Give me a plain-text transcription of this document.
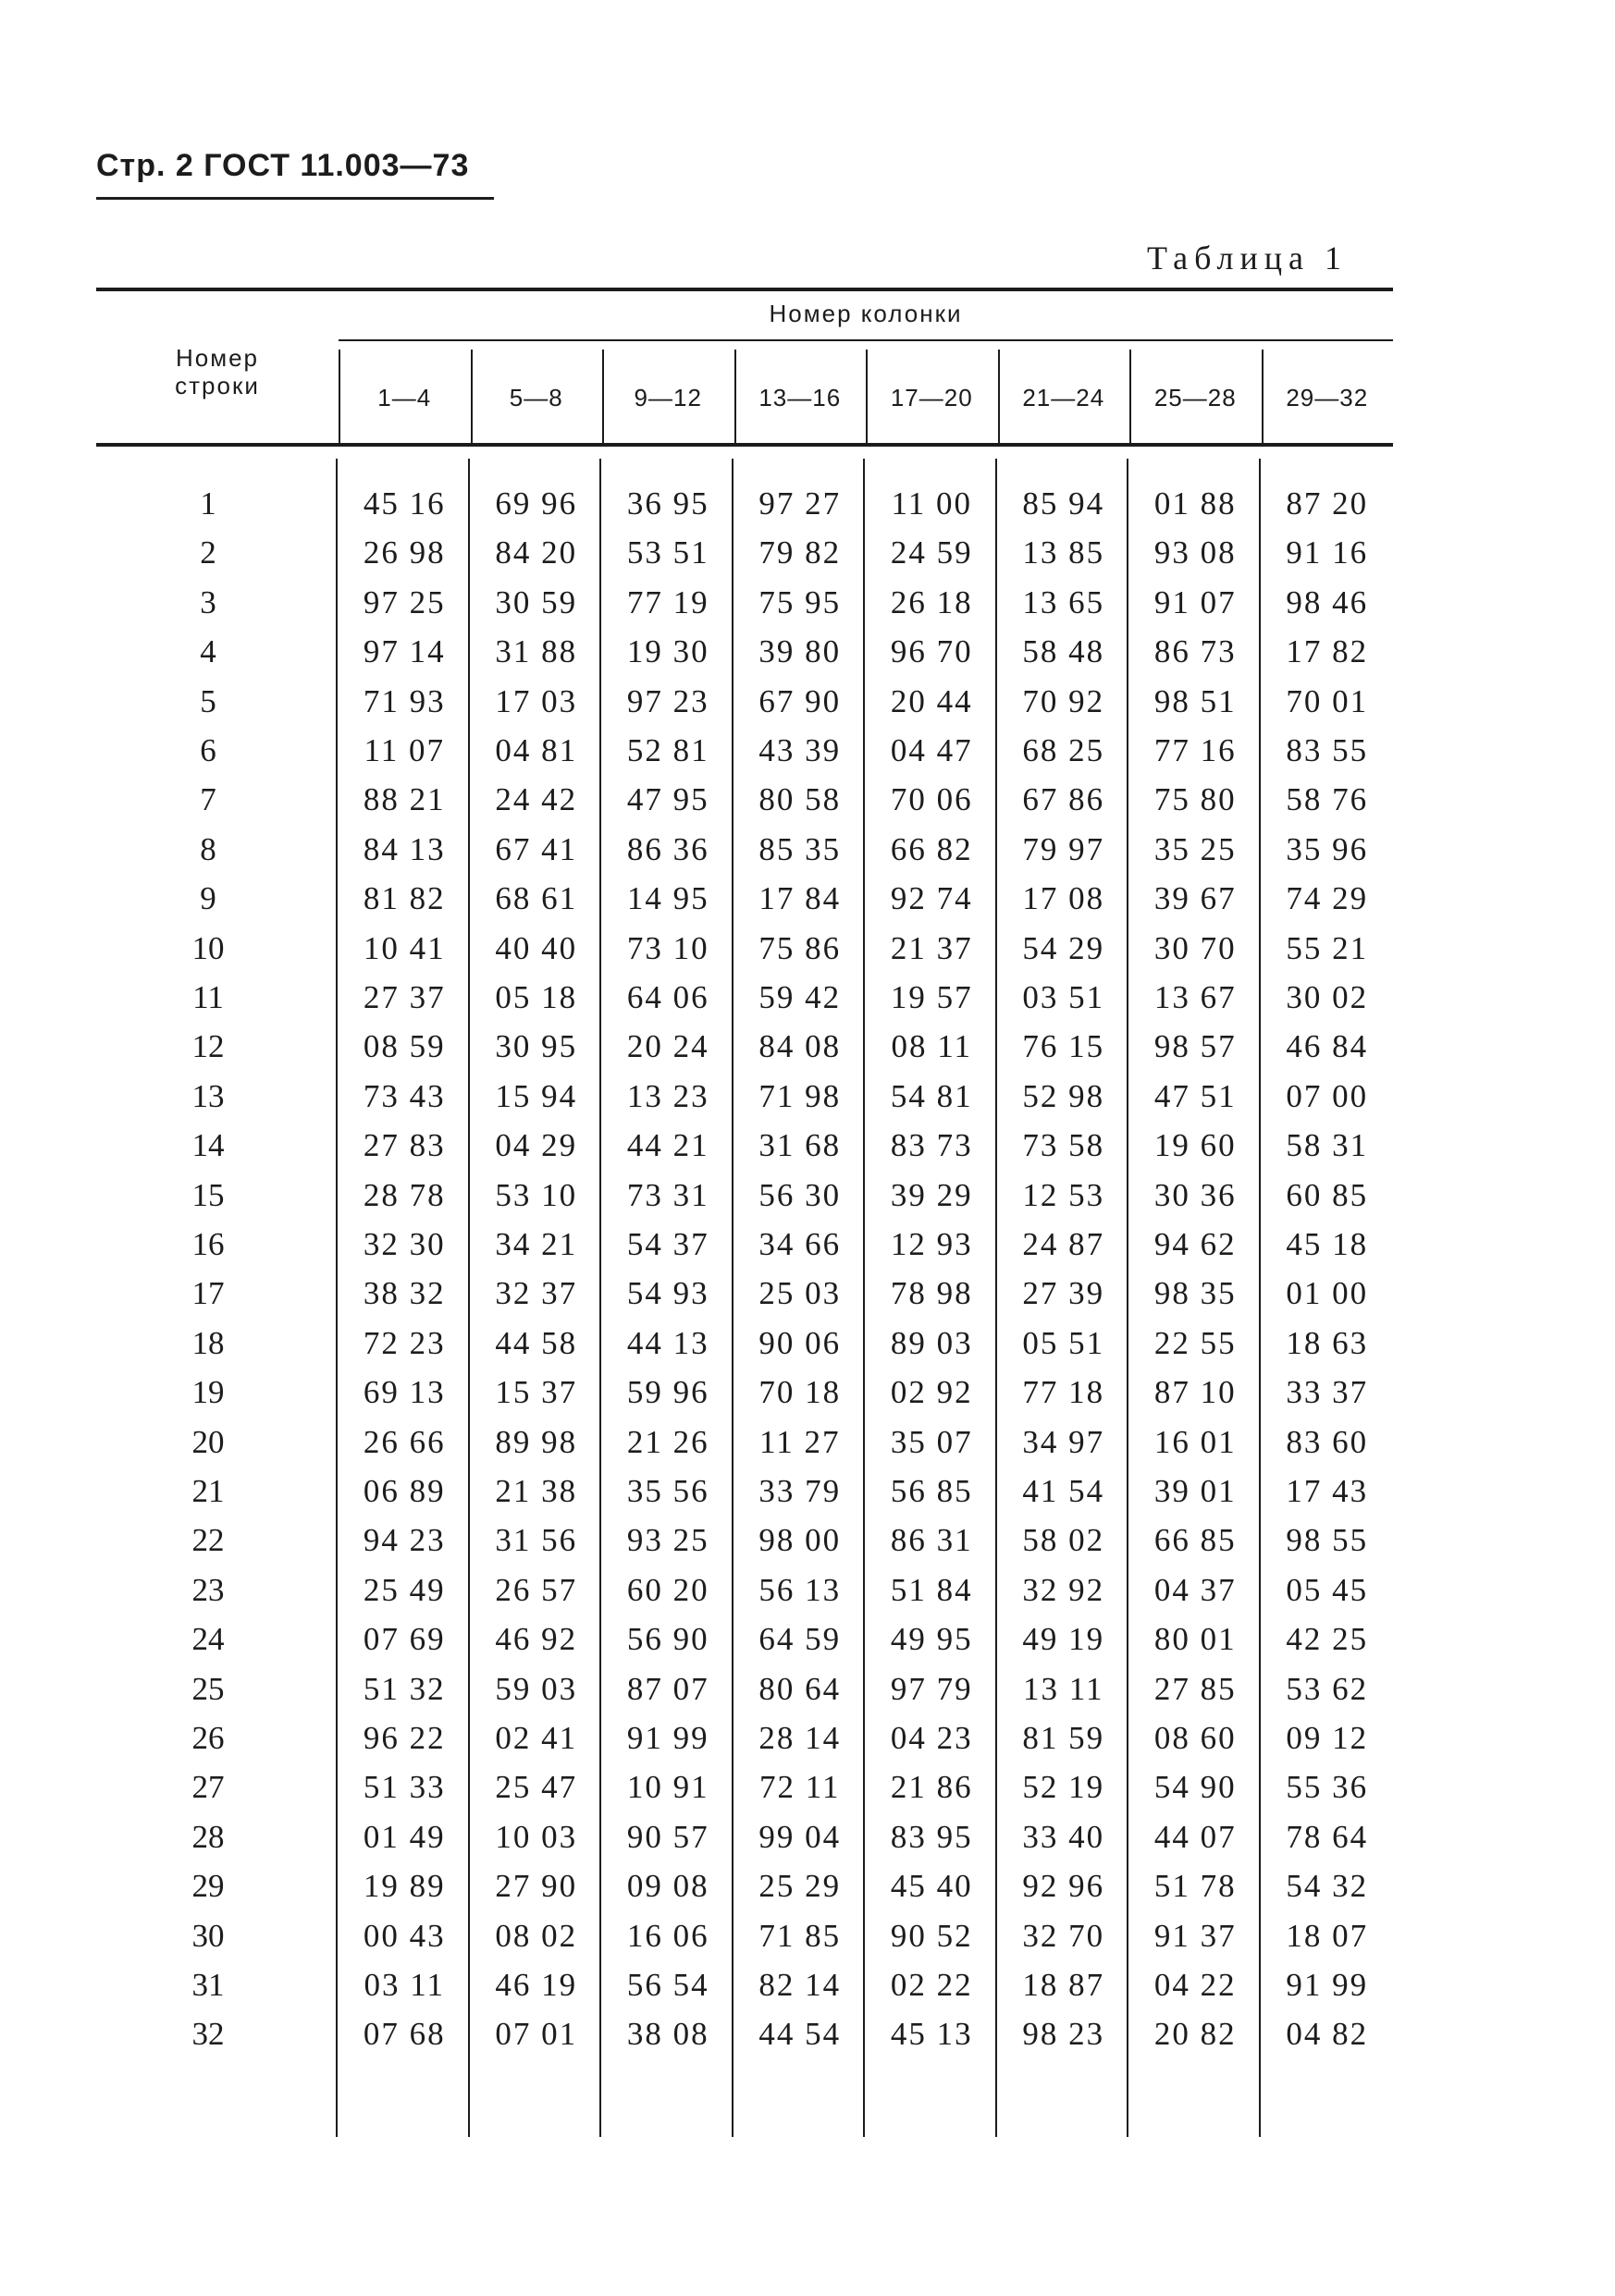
Стр. 2 ГОСТ 11.003—73
Таблица 1
Номер строки
Номер колонки
1—4	5—8	9—12	13—16	17—20	21—24	25—28	29—32
1	45 16	69 96	36 95	97 27	11 00	85 94	01 88	87 20
2	26 98	84 20	53 51	79 82	24 59	13 85	93 08	91 16
3	97 25	30 59	77 19	75 95	26 18	13 65	91 07	98 46
4	97 14	31 88	19 30	39 80	96 70	58 48	86 73	17 82
5	71 93	17 03	97 23	67 90	20 44	70 92	98 51	70 01
6	11 07	04 81	52 81	43 39	04 47	68 25	77 16	83 55
7	88 21	24 42	47 95	80 58	70 06	67 86	75 80	58 76
8	84 13	67 41	86 36	85 35	66 82	79 97	35 25	35 96
9	81 82	68 61	14 95	17 84	92 74	17 08	39 67	74 29
10	10 41	40 40	73 10	75 86	21 37	54 29	30 70	55 21
11	27 37	05 18	64 06	59 42	19 57	03 51	13 67	30 02
12	08 59	30 95	20 24	84 08	08 11	76 15	98 57	46 84
13	73 43	15 94	13 23	71 98	54 81	52 98	47 51	07 00
14	27 83	04 29	44 21	31 68	83 73	73 58	19 60	58 31
15	28 78	53 10	73 31	56 30	39 29	12 53	30 36	60 85
16	32 30	34 21	54 37	34 66	12 93	24 87	94 62	45 18
17	38 32	32 37	54 93	25 03	78 98	27 39	98 35	01 00
18	72 23	44 58	44 13	90 06	89 03	05 51	22 55	18 63
19	69 13	15 37	59 96	70 18	02 92	77 18	87 10	33 37
20	26 66	89 98	21 26	11 27	35 07	34 97	16 01	83 60
21	06 89	21 38	35 56	33 79	56 85	41 54	39 01	17 43
22	94 23	31 56	93 25	98 00	86 31	58 02	66 85	98 55
23	25 49	26 57	60 20	56 13	51 84	32 92	04 37	05 45
24	07 69	46 92	56 90	64 59	49 95	49 19	80 01	42 25
25	51 32	59 03	87 07	80 64	97 79	13 11	27 85	53 62
26	96 22	02 41	91 99	28 14	04 23	81 59	08 60	09 12
27	51 33	25 47	10 91	72 11	21 86	52 19	54 90	55 36
28	01 49	10 03	90 57	99 04	83 95	33 40	44 07	78 64
29	19 89	27 90	09 08	25 29	45 40	92 96	51 78	54 32
30	00 43	08 02	16 06	71 85	90 52	32 70	91 37	18 07
31	03 11	46 19	56 54	82 14	02 22	18 87	04 22	91 99
32	07 68	07 01	38 08	44 54	45 13	98 23	20 82	04 82
